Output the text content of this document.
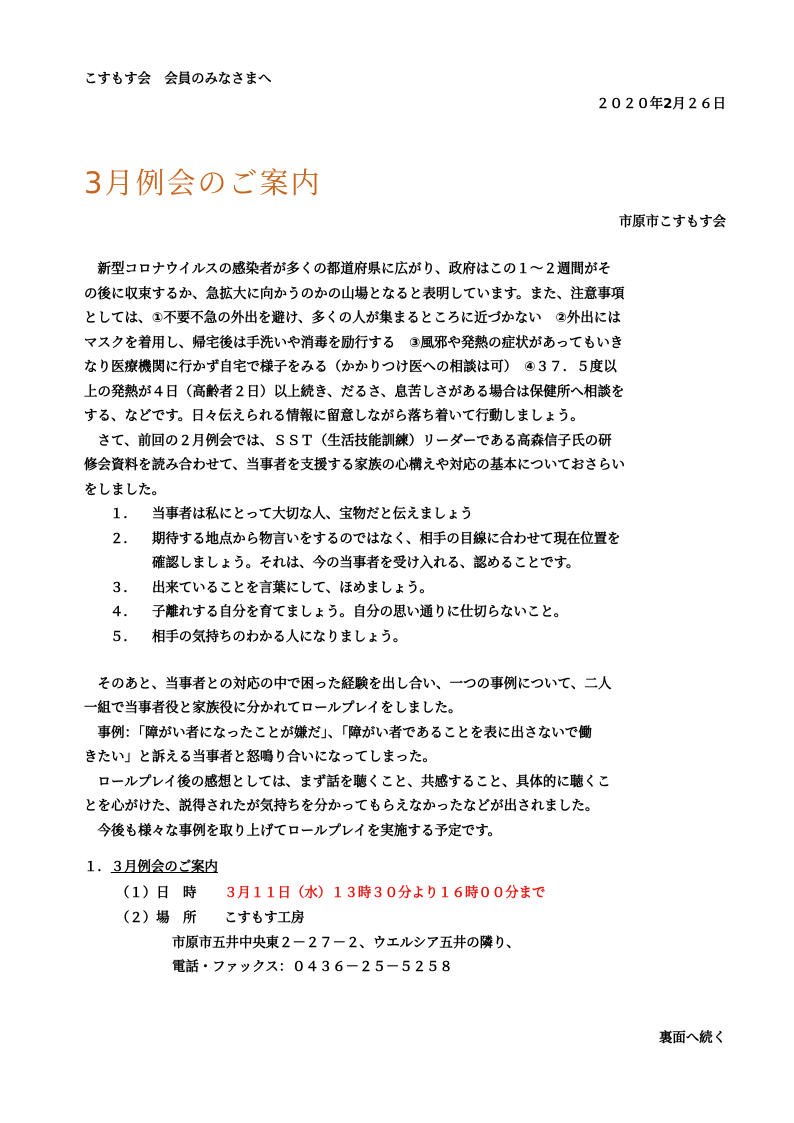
こすもす会　会員のみなさまへ
２０２０年2月２６日
3月例会のご案内
市原市こすもす会
　新型コロナウイルスの感染者が多くの都道府県に広がり、政府はこの１～２週間がそ
の後に収束するか、急拡大に向かうのかの山場となると表明しています。また、注意事項
としては、①不要不急の外出を避け、多くの人が集まるところに近づかない　②外出には
マスクを着用し、帰宅後は手洗いや消毒を励行する　③風邪や発熱の症状があってもいき
なり医療機関に行かず自宅で様子をみる（かかりつけ医への相談は可）　④３７．５度以
上の発熱が４日（高齢者２日）以上続き、だるさ、息苦しさがある場合は保健所へ相談を
する、などです。日々伝えられる情報に留意しながら落ち着いて行動しましょう。
　さて、前回の２月例会では、ＳＳＴ（生活技能訓練）リーダーである高森信子氏の研
修会資料を読み合わせて、当事者を支援する家族の心構えや対応の基本についておさらい
をしました。
１． 当事者は私にとって大切な人、宝物だと伝えましょう
２． 期待する地点から物言いをするのではなく、相手の目線に合わせて現在位置を
確認しましょう。それは、今の当事者を受け入れる、認めることです。
３． 出来ていることを言葉にして、ほめましょう。
４． 子離れする自分を育てましょう。自分の思い通りに仕切らないこと。
５． 相手の気持ちのわかる人になりましょう。
　そのあと、当事者との対応の中で困った経験を出し合い、一つの事例について、二人
一組で当事者役と家族役に分かれてロールプレイをしました。
　事例：「障がい者になったことが嫌だ」、「障がい者であることを表に出さないで働
きたい」と訴える当事者と怒鳴り合いになってしまった。
　ロールプレイ後の感想としては、まず話を聴くこと、共感すること、具体的に聴くこ
とを心がけた、説得されたが気持ちを分かってもらえなかったなどが出されました。
　今後も様々な事例を取り上げてロールプレイを実施する予定です。
１．３月例会のご案内
（１）日　時 ３月１１日（水）１３時３０分より１６時００分まで
（２）場　所 こすもす工房
市原市五井中央東２－２７－２、ウエルシア五井の隣り、
電話・ファックス：０４３６－２５－５２５８
裏面へ続く
